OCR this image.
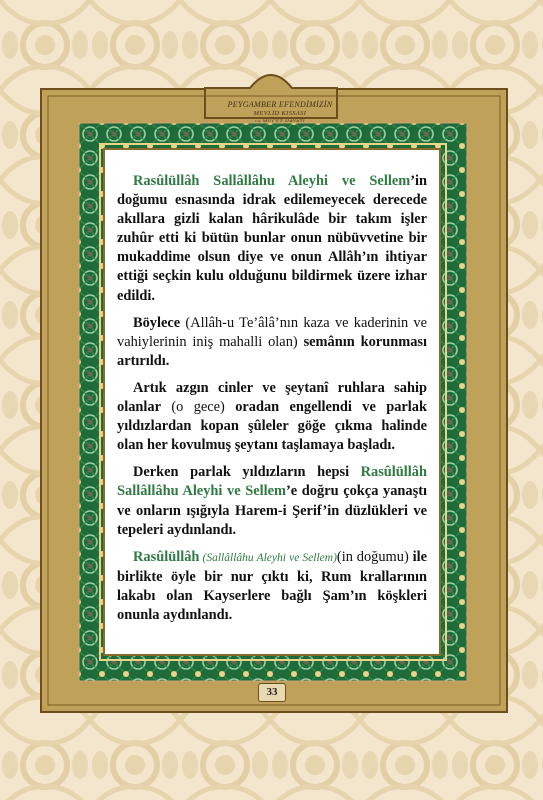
PEYGAMBER EFENDİMİZİN
MEVLİD KISSASI

Rasûlüllâh Sallâllâhu Aleyhi ve Sellem’in doğumu esnasında idrak edilemeyecek derecede akıllara gizli kalan hârikulâde bir takım işler zuhûr etti ki bütün bunlar onun nübüvvetine bir mukaddime olsun diye ve onun Allâh’ın ihtiyar ettiği seçkin kulu olduğunu bildirmek üzere izhar edildi.

Böylece (Allâh-u Te’âlâ’nın kaza ve kaderinin ve vahiylerinin iniş mahalli olan) semânın korunması artırıldı.

Artık azgın cinler ve şeytanî ruhlara sahip olanlar (o gece) oradan engellendi ve parlak yıldızlardan kopan şûleler göğe çıkma halinde olan her kovulmuş şeytanı taşlamaya başladı.

Derken parlak yıldızların hepsi Rasûlüllâh Sallâllâhu Aleyhi ve Sellem’e doğru çokça yanaştı ve onların ışığıyla Harem-i Şerif’in düzlükleri ve tepeleri aydınlandı.

Rasûlüllâh (Sallâllâhu Aleyhi ve Sellem)(in doğumu) ile birlikte öyle bir nur çıktı ki, Rum krallarının lakabı olan Kayserlere bağlı Şam’ın köşkleri onunla aydınlandı.

33
